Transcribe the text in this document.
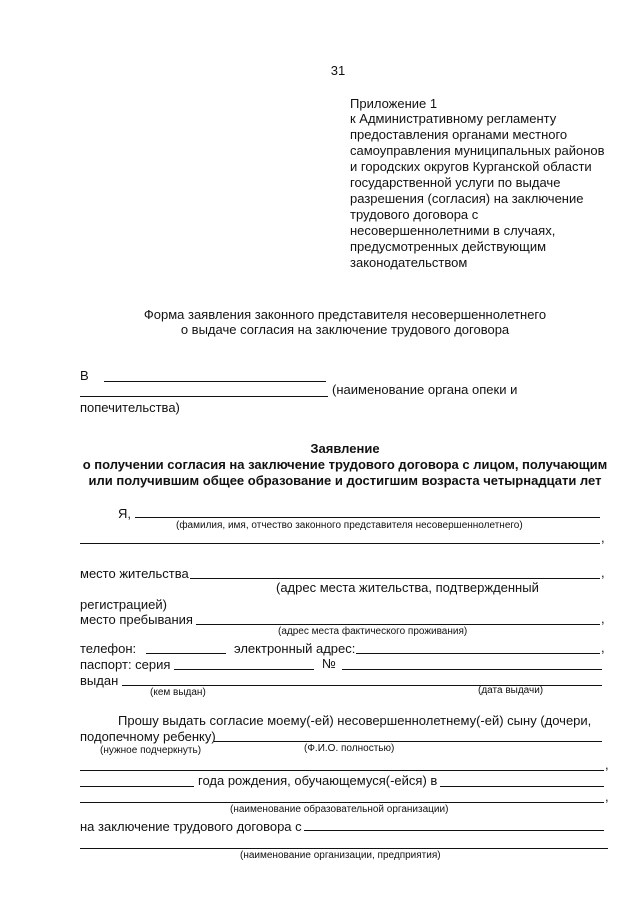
31
Приложение 1
к Административному регламенту
предоставления органами местного
самоуправления муниципальных районов
и городских округов Курганской области
государственной услуги по выдаче
разрешения (согласия) на заключение
трудового договора с
несовершеннолетними в случаях,
предусмотренных действующим
законодательством
Форма заявления законного представителя несовершеннолетнего
о выдаче согласия на заключение трудового договора
В
(наименование органа опеки и
попечительства)
Заявление
о получении согласия на заключение трудового договора с лицом, получающим
или получившим общее образование и достигшим возраста четырнадцати лет
Я,
(фамилия, имя, отчество законного представителя несовершеннолетнего)
,
место жительства	,
(адрес места жительства, подтвержденный
регистрацией)
место пребывания	,
(адрес места фактического проживания)
телефон:	электронный адрес:	,
паспорт: серия	№
выдан
(кем выдан)	(дата выдачи)
Прошу выдать согласие моему(-ей) несовершеннолетнему(-ей) сыну (дочери,
подопечному ребенку)
(нужное подчеркнуть)	(Ф.И.О. полностью)
,
года рождения, обучающемуся(-ейся) в
,
(наименование образовательной организации)
на заключение трудового договора с
(наименование организации, предприятия)
